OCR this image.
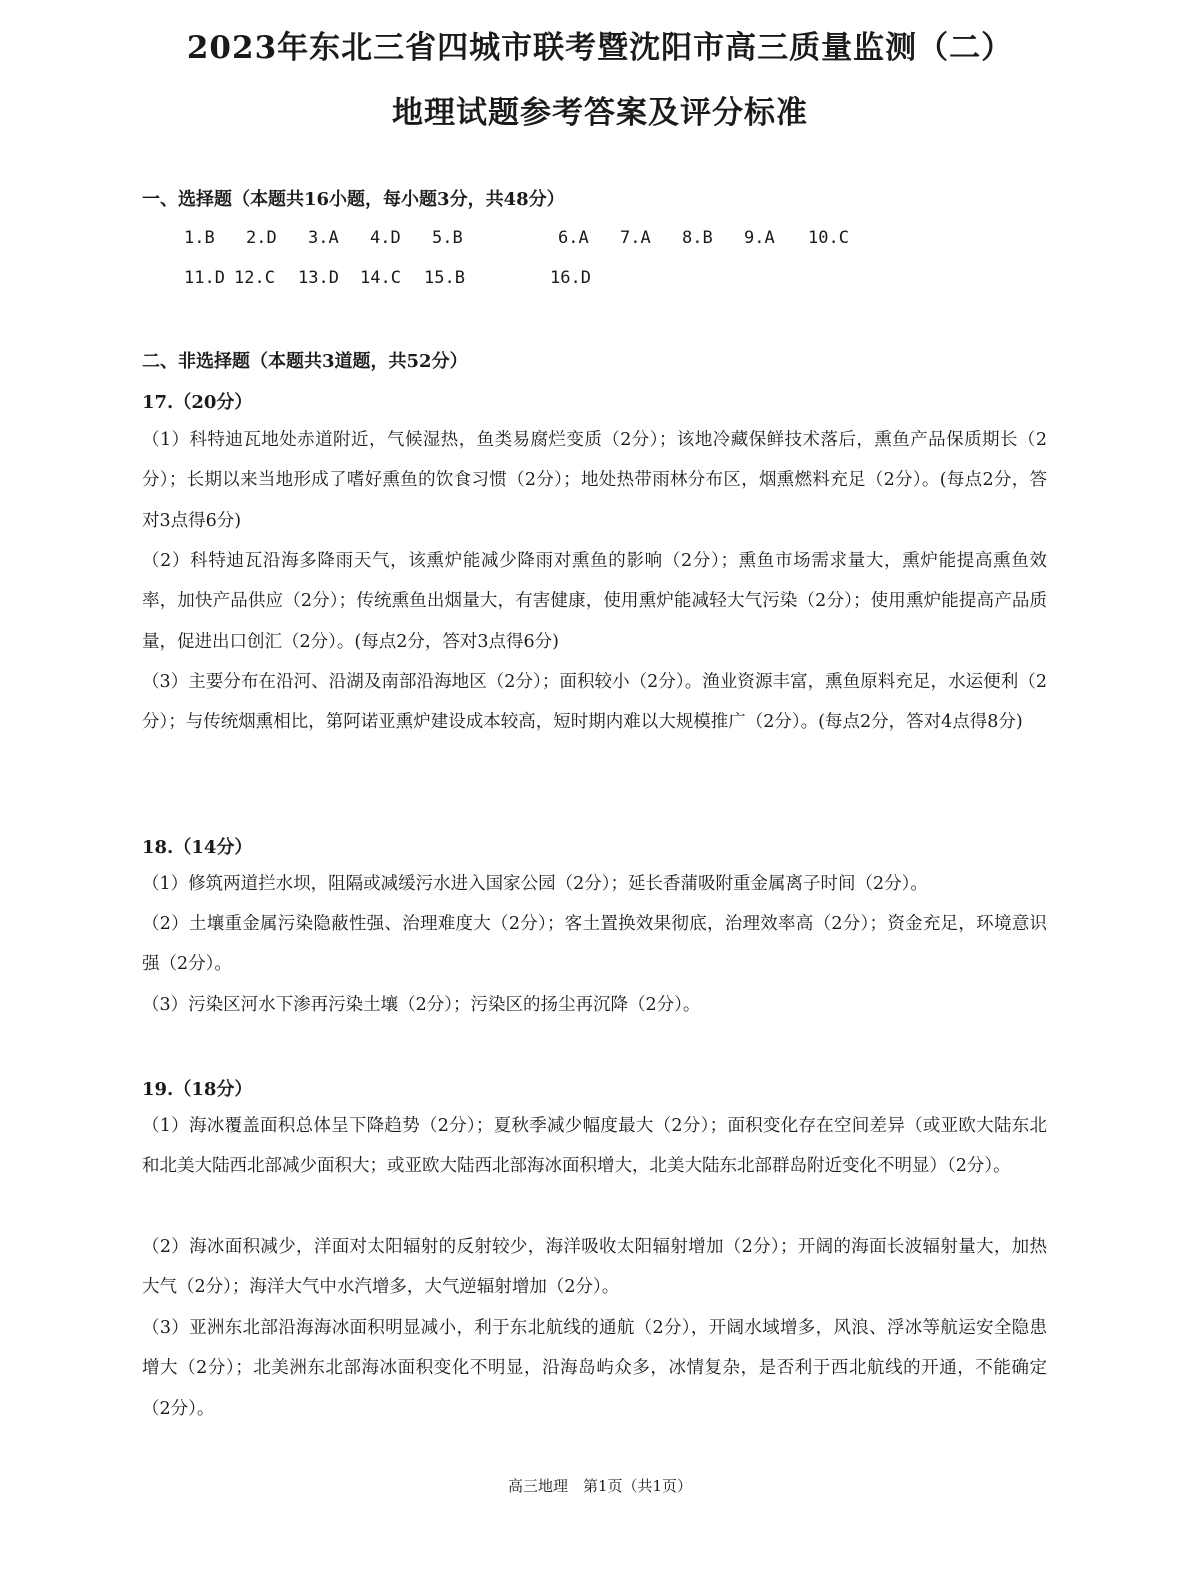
2023年东北三省四城市联考暨沈阳市高三质量监测（二）
地理试题参考答案及评分标准
一、选择题（本题共16小题，每小题3分，共48分）
1.B 2.D 3.A 4.D 5.B	6.A 7.A 8.B 9.A 10.C
11.D 12.C 13.D 14.C 15.B	16.D
二、非选择题（本题共3道题，共52分）
17.（20分）
（1）科特迪瓦地处赤道附近，气候湿热，鱼类易腐烂变质（2分）；该地冷藏保鲜技术落后，熏鱼产品保质期长（2分）；长期以来当地形成了嗜好熏鱼的饮食习惯（2分）；地处热带雨林分布区，烟熏燃料充足（2分）。(每点2分，答对3点得6分)
（2）科特迪瓦沿海多降雨天气，该熏炉能减少降雨对熏鱼的影响（2分）；熏鱼市场需求量大，熏炉能提高熏鱼效率，加快产品供应（2分）；传统熏鱼出烟量大，有害健康，使用熏炉能减轻大气污染（2分）；使用熏炉能提高产品质量，促进出口创汇（2分）。(每点2分，答对3点得6分)
（3）主要分布在沿河、沿湖及南部沿海地区（2分）；面积较小（2分）。渔业资源丰富，熏鱼原料充足，水运便利（2分）；与传统烟熏相比，第阿诺亚熏炉建设成本较高，短时期内难以大规模推广（2分）。(每点2分，答对4点得8分)
18.（14分）
（1）修筑两道拦水坝，阻隔或减缓污水进入国家公园（2分）；延长香蒲吸附重金属离子时间（2分）。
（2）土壤重金属污染隐蔽性强、治理难度大（2分）；客土置换效果彻底，治理效率高（2分）；资金充足，环境意识强（2分）。
（3）污染区河水下渗再污染土壤（2分）；污染区的扬尘再沉降（2分）。
19.（18分）
（1）海冰覆盖面积总体呈下降趋势（2分）；夏秋季减少幅度最大（2分）；面积变化存在空间差异（或亚欧大陆东北和北美大陆西北部减少面积大；或亚欧大陆西北部海冰面积增大，北美大陆东北部群岛附近变化不明显）（2分）。
（2）海冰面积减少，洋面对太阳辐射的反射较少，海洋吸收太阳辐射增加（2分）；开阔的海面长波辐射量大，加热大气（2分）；海洋大气中水汽增多，大气逆辐射增加（2分）。
（3）亚洲东北部沿海海冰面积明显减小，利于东北航线的通航（2分），开阔水域增多，风浪、浮冰等航运安全隐患增大（2分）；北美洲东北部海冰面积变化不明显，沿海岛屿众多，冰情复杂，是否利于西北航线的开通，不能确定（2分）。
高三地理　第1页（共1页）
